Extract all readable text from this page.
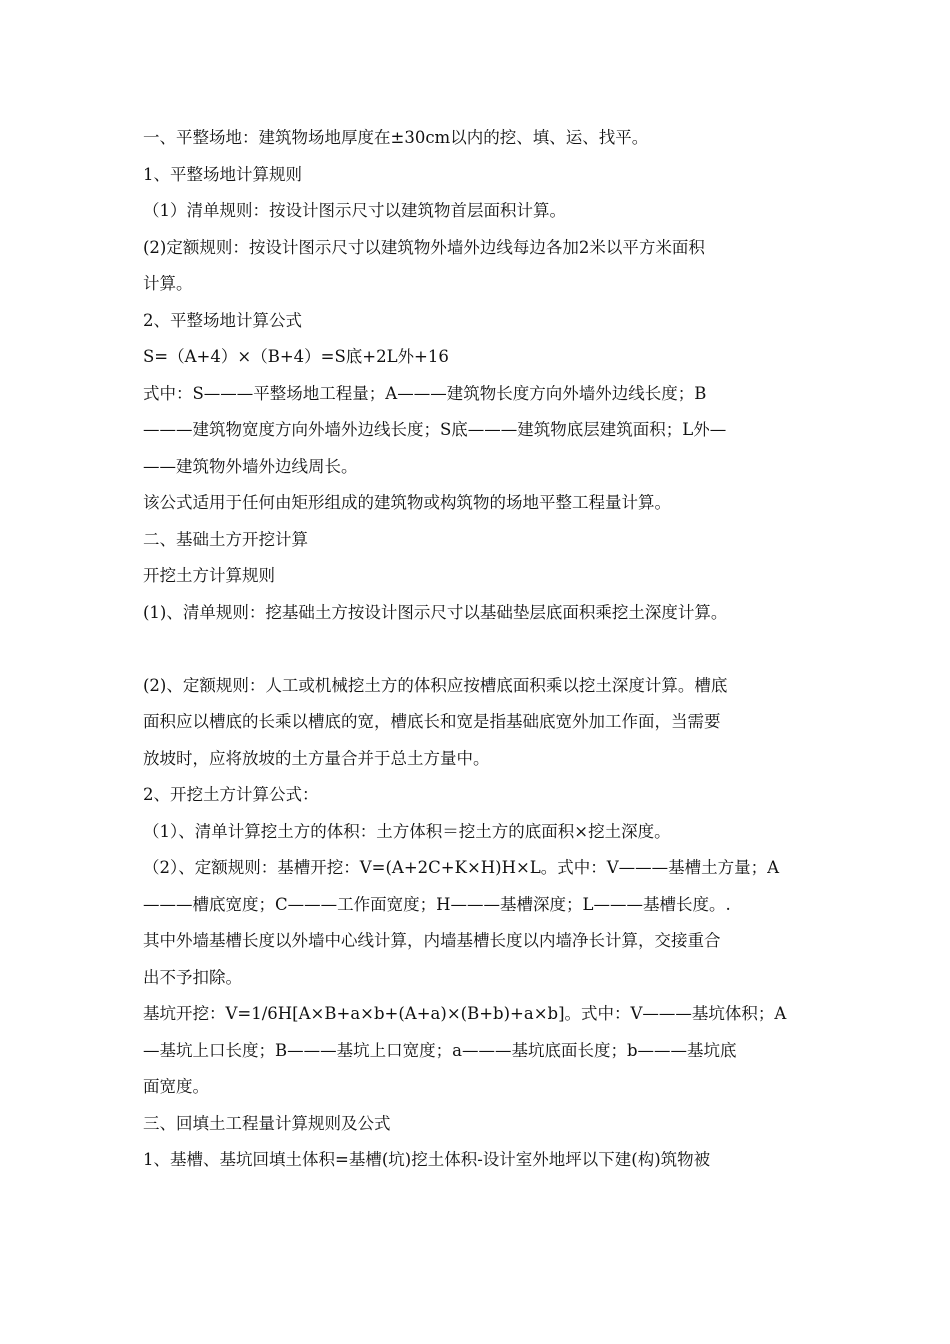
一、平整场地：建筑物场地厚度在±30cm以内的挖、填、运、找平。
1、平整场地计算规则
（1）清单规则：按设计图示尺寸以建筑物首层面积计算。
(2)定额规则：按设计图示尺寸以建筑物外墙外边线每边各加2米以平方米面积
计算。
2、平整场地计算公式
S=（A+4）×（B+4）=S底+2L外+16
式中：S———平整场地工程量；A———建筑物长度方向外墙外边线长度；B
———建筑物宽度方向外墙外边线长度；S底———建筑物底层建筑面积；L外—
——建筑物外墙外边线周长。
该公式适用于任何由矩形组成的建筑物或构筑物的场地平整工程量计算。
二、基础土方开挖计算
开挖土方计算规则
(1)、清单规则：挖基础土方按设计图示尺寸以基础垫层底面积乘挖土深度计算。
(2)、定额规则：人工或机械挖土方的体积应按槽底面积乘以挖土深度计算。槽底
面积应以槽底的长乘以槽底的宽，槽底长和宽是指基础底宽外加工作面，当需要
放坡时，应将放坡的土方量合并于总土方量中。
2、开挖土方计算公式：
（1）、清单计算挖土方的体积：土方体积＝挖土方的底面积×挖土深度。
（2）、定额规则：基槽开挖：V=(A+2C+K×H)H×L。式中：V———基槽土方量；A
———槽底宽度；C———工作面宽度；H———基槽深度；L———基槽长度。.
其中外墙基槽长度以外墙中心线计算，内墙基槽长度以内墙净长计算，交接重合
出不予扣除。
基坑开挖：V=1/6H[A×B+a×b+(A+a)×(B+b)+a×b]。式中：V———基坑体积；A
—基坑上口长度；B———基坑上口宽度；a———基坑底面长度；b———基坑底
面宽度。
三、回填土工程量计算规则及公式
1、基槽、基坑回填土体积=基槽(坑)挖土体积-设计室外地坪以下建(构)筑物被
